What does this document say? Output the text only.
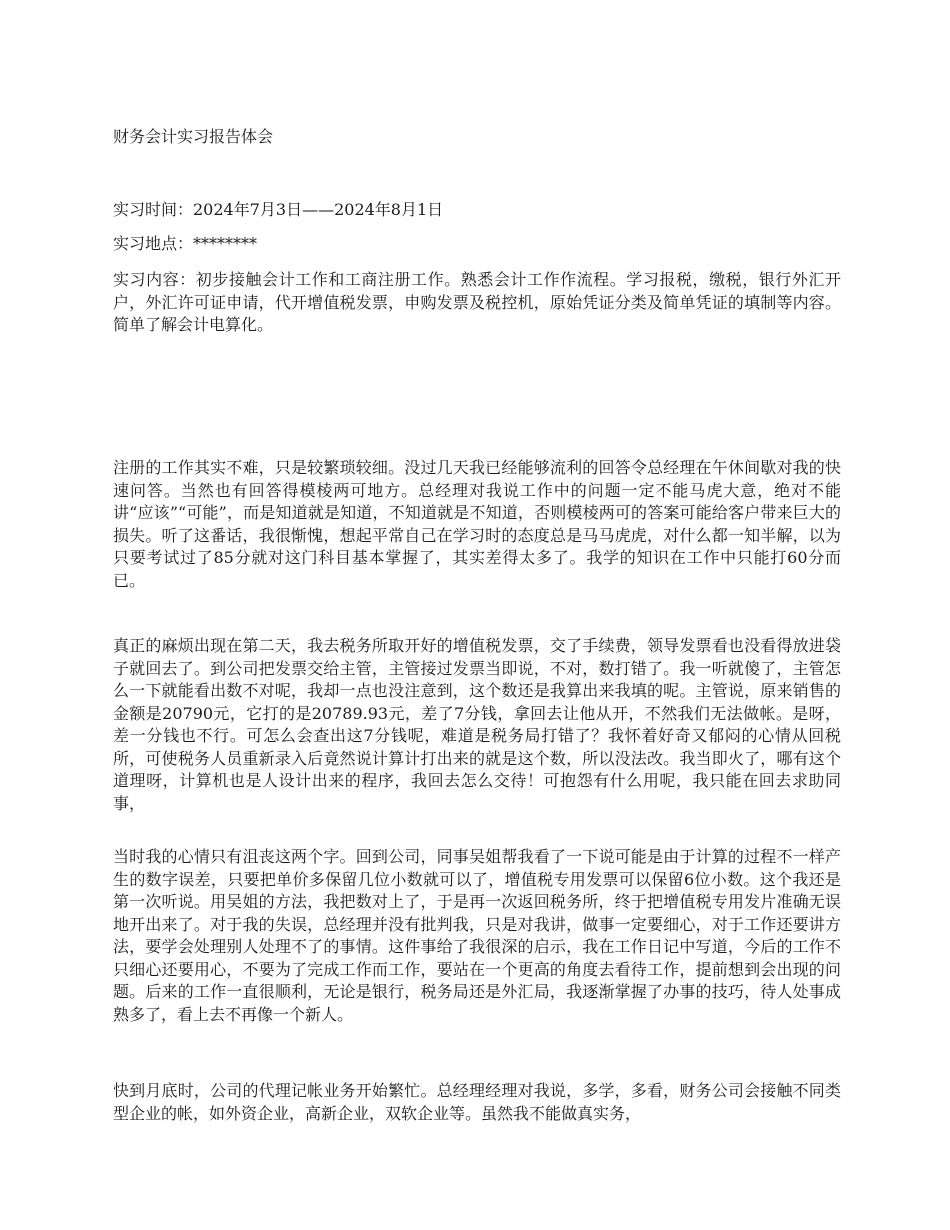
财务会计实习报告体会
实习时间：2024年7月3日——2024年8月1日
实习地点：********

实习内容：初步接触会计工作和工商注册工作。熟悉会计工作作流程。学习报税，缴税，银行外汇开户，外汇许可证申请，代开增值税发票，申购发票及税控机，原始凭证分类及简单凭证的填制等内容。简单了解会计电算化。

注册的工作其实不难，只是较繁琐较细。没过几天我已经能够流利的回答令总经理在午休间歇对我的快速问答。当然也有回答得模棱两可地方。总经理对我说工作中的问题一定不能马虎大意，绝对不能讲“应该”“可能”，而是知道就是知道，不知道就是不知道，否则模棱两可的答案可能给客户带来巨大的损失。听了这番话，我很惭愧，想起平常自己在学习时的态度总是马马虎虎，对什么都一知半解，以为只要考试过了85分就对这门科目基本掌握了，其实差得太多了。我学的知识在工作中只能打60分而已。

真正的麻烦出现在第二天，我去税务所取开好的增值税发票，交了手续费，领导发票看也没看得放进袋子就回去了。到公司把发票交给主管，主管接过发票当即说，不对，数打错了。我一听就傻了，主管怎么一下就能看出数不对呢，我却一点也没注意到，这个数还是我算出来我填的呢。主管说，原来销售的金额是20790元，它打的是20789.93元，差了7分钱，拿回去让他从开，不然我们无法做帐。是呀，差一分钱也不行。可怎么会查出这7分钱呢，难道是税务局打错了？我怀着好奇又郁闷的心情从回税所，可使税务人员重新录入后竟然说计算计打出来的就是这个数，所以没法改。我当即火了，哪有这个道理呀，计算机也是人设计出来的程序，我回去怎么交待！可抱怨有什么用呢，我只能在回去求助同事，

当时我的心情只有沮丧这两个字。回到公司，同事吴姐帮我看了一下说可能是由于计算的过程不一样产生的数字误差，只要把单价多保留几位小数就可以了，增值税专用发票可以保留6位小数。这个我还是第一次听说。用吴姐的方法，我把数对上了，于是再一次返回税务所，终于把增值税专用发片准确无误地开出来了。对于我的失误，总经理并没有批判我，只是对我讲，做事一定要细心，对于工作还要讲方法，要学会处理别人处理不了的事情。这件事给了我很深的启示，我在工作日记中写道，今后的工作不只细心还要用心，不要为了完成工作而工作，要站在一个更高的角度去看待工作，提前想到会出现的问题。后来的工作一直很顺利，无论是银行，税务局还是外汇局，我逐渐掌握了办事的技巧，待人处事成熟多了，看上去不再像一个新人。

快到月底时，公司的代理记帐业务开始繁忙。总经理经理对我说，多学，多看，财务公司会接触不同类型企业的帐，如外资企业，高新企业，双软企业等。虽然我不能做真实务，
